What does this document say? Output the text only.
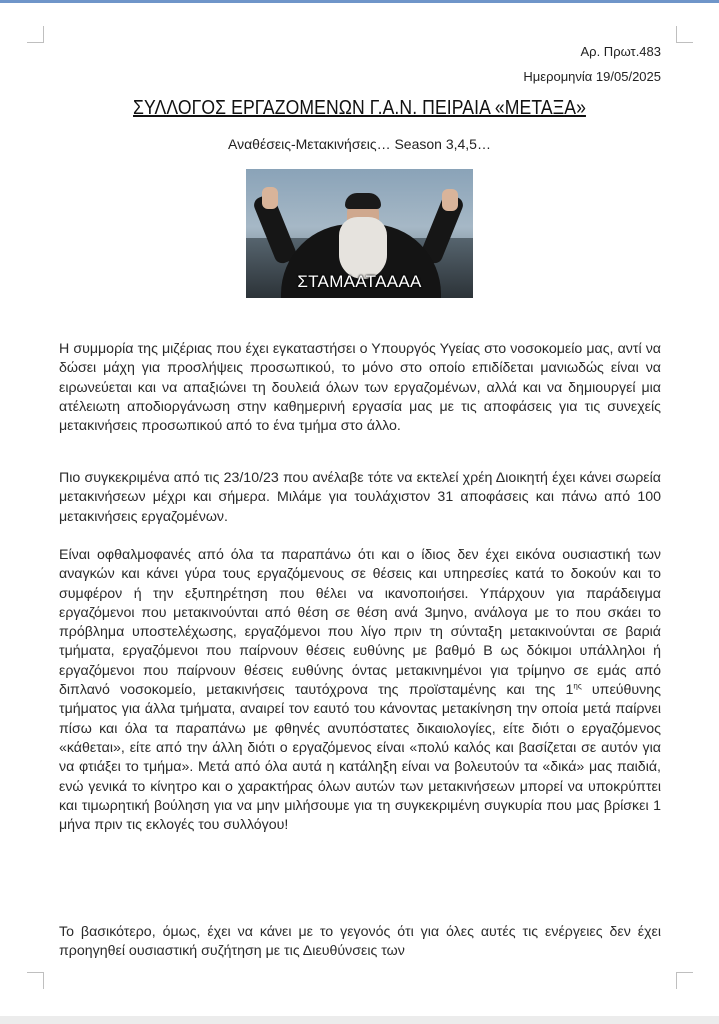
Αρ. Πρωτ.483
Ημερομηνία 19/05/2025
ΣΥΛΛΟΓΟΣ ΕΡΓΑΖΟΜΕΝΩΝ Γ.Α.Ν. ΠΕΙΡΑΙΑ «ΜΕΤΑΞΑ»
Αναθέσεις-Μετακινήσεις… Season 3,4,5…
ΣΤΑΜΑΑΤΑΑΑΑ

Η συμμορία της μιζέριας που έχει εγκαταστήσει ο Υπουργός Υγείας στο νοσοκομείο μας, αντί να δώσει μάχη για προσλήψεις προσωπικού, το μόνο στο οποίο επιδίδεται μανιωδώς είναι να ειρωνεύεται και να απαξιώνει τη δουλειά όλων των εργαζομένων, αλλά και να δημιουργεί μια ατέλειωτη αποδιοργάνωση στην καθημερινή εργασία μας με τις αποφάσεις για τις συνεχείς μετακινήσεις προσωπικού από το ένα τμήμα στο άλλο.

Πιο συγκεκριμένα από τις 23/10/23 που ανέλαβε τότε να εκτελεί χρέη Διοικητή έχει κάνει σωρεία μετακινήσεων μέχρι και σήμερα. Μιλάμε για τουλάχιστον 31 αποφάσεις και πάνω από 100 μετακινήσεις εργαζομένων.

Είναι οφθαλμοφανές από όλα τα παραπάνω ότι και ο ίδιος δεν έχει εικόνα ουσιαστική των αναγκών και κάνει γύρα τους εργαζόμενους σε θέσεις και υπηρεσίες κατά το δοκούν και το συμφέρον ή την εξυπηρέτηση που θέλει να ικανοποιήσει. Υπάρχουν για παράδειγμα εργαζόμενοι που μετακινούνται από θέση σε θέση ανά 3μηνο, ανάλογα με το που σκάει το πρόβλημα υποστελέχωσης, εργαζόμενοι που λίγο πριν τη σύνταξη μετακινούνται σε βαριά τμήματα, εργαζόμενοι που παίρνουν θέσεις ευθύνης με βαθμό Β ως δόκιμοι υπάλληλοι ή εργαζόμενοι που παίρνουν θέσεις ευθύνης όντας μετακινημένοι για τρίμηνο σε εμάς από διπλανό νοσοκομείο, μετακινήσεις ταυτόχρονα της προϊσταμένης και της $1^{\eta\varsigma}$ υπεύθυνης τμήματος για άλλα τμήματα, αναιρεί τον εαυτό του κάνοντας μετακίνηση την οποία μετά παίρνει πίσω και όλα τα παραπάνω με φθηνές ανυπόστατες δικαιολογίες, είτε διότι ο εργαζόμενος «κάθεται», είτε από την άλλη διότι ο εργαζόμενος είναι «πολύ καλός και βασίζεται σε αυτόν για να φτιάξει το τμήμα». Μετά από όλα αυτά η κατάληξη είναι να βολευτούν τα «δικά» μας παιδιά, ενώ γενικά το κίνητρο και ο χαρακτήρας όλων αυτών των μετακινήσεων μπορεί να υποκρύπτει και τιμωρητική βούληση για να μην μιλήσουμε για τη συγκεκριμένη συγκυρία που μας βρίσκει 1 μήνα πριν τις εκλογές του συλλόγου!

Το βασικότερο, όμως, έχει να κάνει με το γεγονός ότι για όλες αυτές τις ενέργειες δεν έχει προηγηθεί ουσιαστική συζήτηση με τις Διευθύνσεις των
